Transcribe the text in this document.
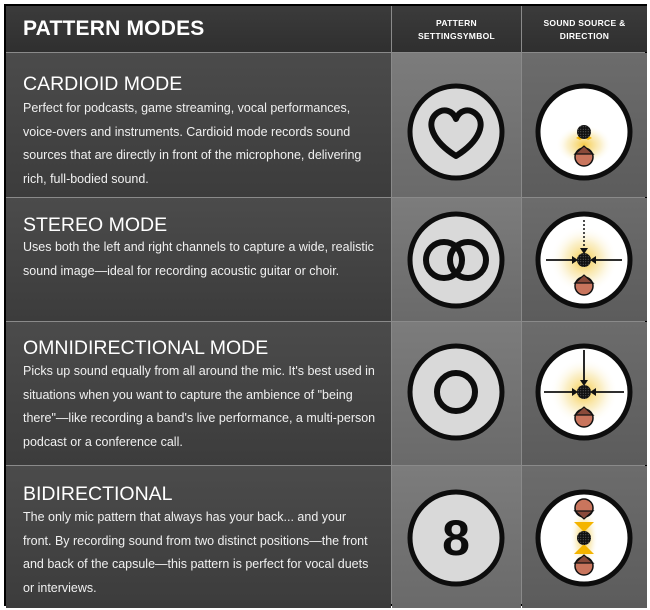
PATTERN MODES	PATTERN
SETTINGSYMBOL
SOUND SOURCE &
DIRECTION
CARDIOID MODE
Perfect for podcasts, game streaming, vocal performances, voice-overs and instruments. Cardioid mode records sound sources that are directly in front of the microphone, delivering rich, full-bodied sound.
STEREO MODE
Uses both the left and right channels to capture a wide, realistic sound image—ideal for recording acoustic guitar or choir.
OMNIDIRECTIONAL MODE
Picks up sound equally from all around the mic. It's best used in situations when you want to capture the ambience of "being there"—like recording a band's live performance, a multi-person podcast or a conference call.
BIDIRECTIONAL
The only mic pattern that always has your back... and your front. By recording sound from two distinct positions—the front and back of the capsule—this pattern is perfect for vocal duets or interviews.
8
